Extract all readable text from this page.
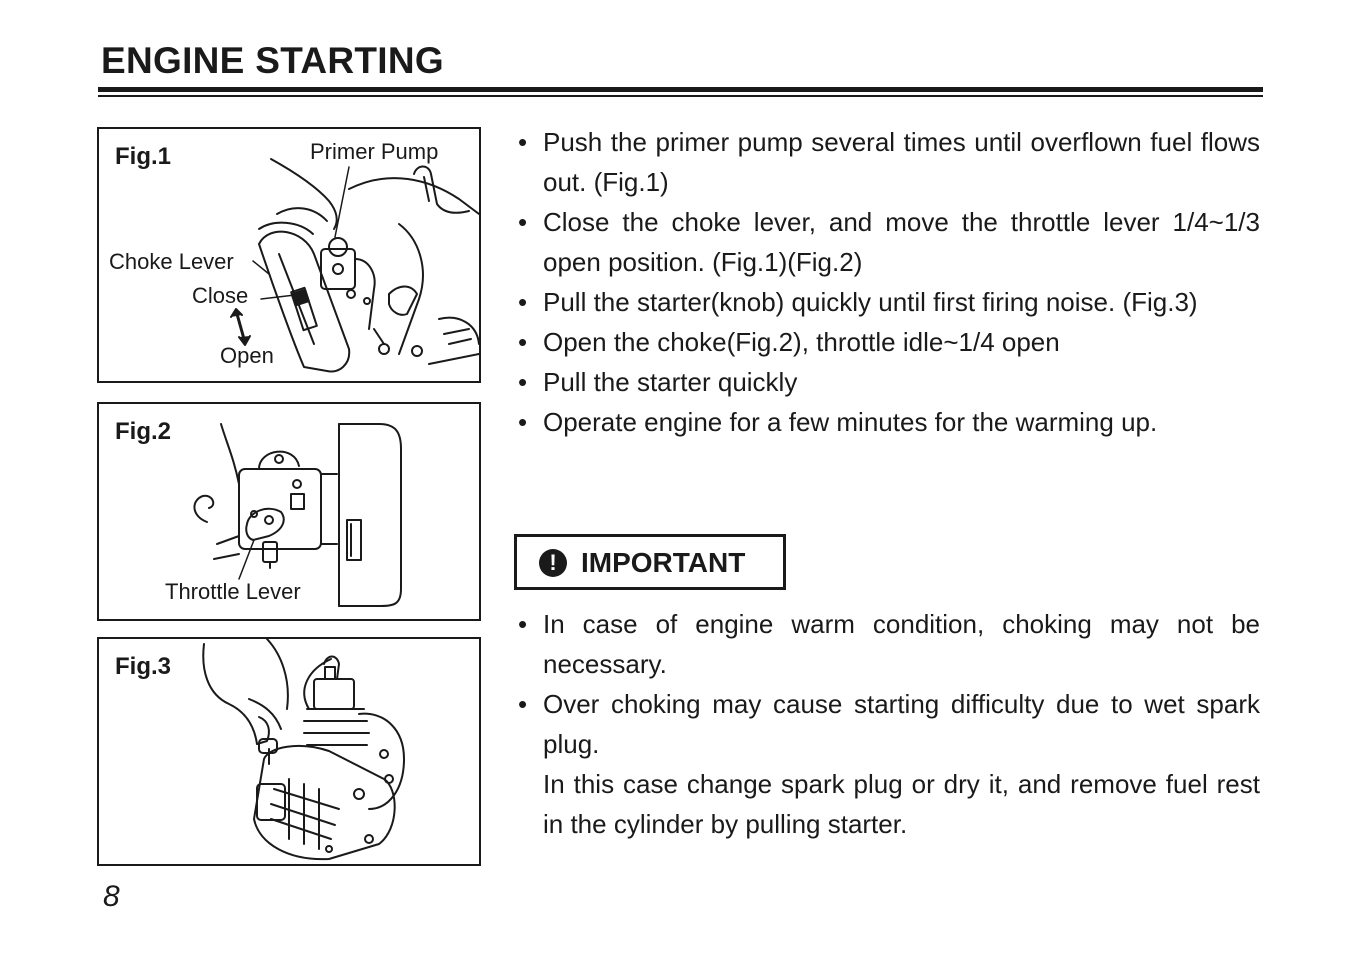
ENGINE STARTING
Fig.1	Primer Pump
Choke Lever
Close
Open
Fig.2
Throttle Lever
Fig.3
• Push the primer pump several times until overflown fuel flows out. (Fig.1)
• Close the choke lever, and move the throttle lever 1/4~1/3 open position. (Fig.1)(Fig.2)
• Pull the starter(knob) quickly until first firing noise. (Fig.3)
• Open the choke(Fig.2), throttle idle~1/4 open
• Pull the starter quickly
• Operate engine for a few minutes for the warming up.
! IMPORTANT
• In case of engine warm condition, choking may not be necessary.
• Over choking may cause starting difficulty due to wet spark plug.
In this case change spark plug or dry it, and remove fuel rest in the cylinder by pulling starter.
8
